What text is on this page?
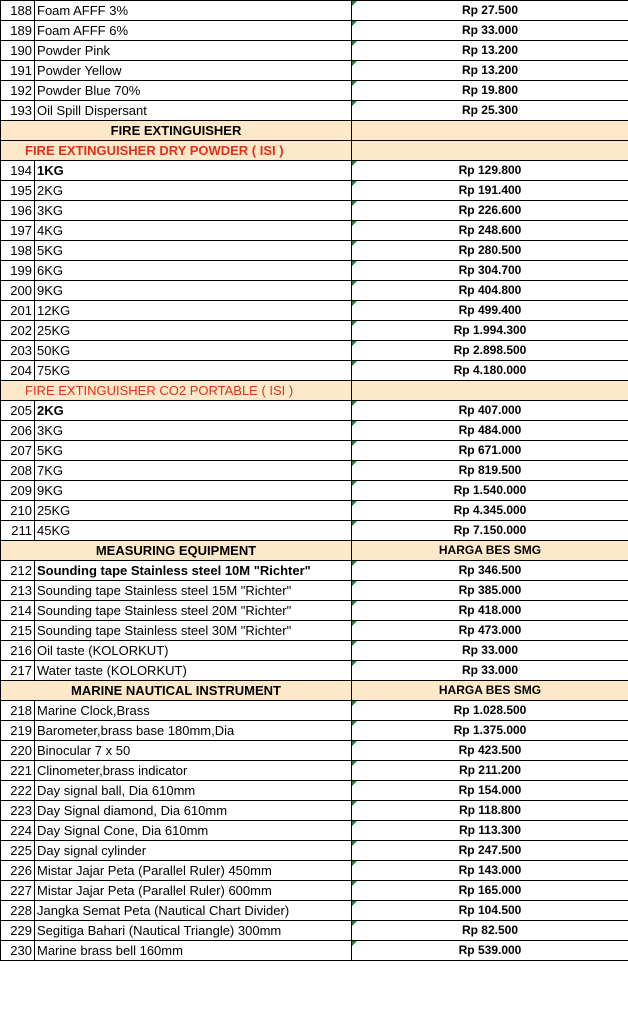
188	Foam AFFF 3%	Rp 27.500
189	Foam AFFF 6%	Rp 33.000
190	Powder Pink	Rp 13.200
191	Powder Yellow	Rp 13.200
192	Powder Blue 70%	Rp 19.800
193	Oil Spill Dispersant	Rp 25.300
FIRE EXTINGUISHER		
FIRE EXTINGUISHER DRY POWDER ( ISI )		
194	1KG	Rp 129.800
195	2KG	Rp 191.400
196	3KG	Rp 226.600
197	4KG	Rp 248.600
198	5KG	Rp 280.500
199	6KG	Rp 304.700
200	9KG	Rp 404.800
201	12KG	Rp 499.400
202	25KG	Rp 1.994.300
203	50KG	Rp 2.898.500
204	75KG	Rp 4.180.000
FIRE EXTINGUISHER CO2 PORTABLE ( ISI )		
205	2KG	Rp 407.000
206	3KG	Rp 484.000
207	5KG	Rp 671.000
208	7KG	Rp 819.500
209	9KG	Rp 1.540.000
210	25KG	Rp 4.345.000
211	45KG	Rp 7.150.000
MEASURING EQUIPMENT		HARGA BES SMG
212	Sounding tape Stainless steel 10M "Richter"	Rp 346.500
213	Sounding tape Stainless steel 15M "Richter"	Rp 385.000
214	Sounding tape Stainless steel 20M "Richter"	Rp 418.000
215	Sounding tape Stainless steel 30M "Richter"	Rp 473.000
216	Oil taste (KOLORKUT)	Rp 33.000
217	Water taste (KOLORKUT)	Rp 33.000
MARINE NAUTICAL INSTRUMENT		HARGA BES SMG
218	Marine Clock,Brass	Rp 1.028.500
219	Barometer,brass base 180mm,Dia	Rp 1.375.000
220	Binocular 7 x 50	Rp 423.500
221	Clinometer,brass indicator	Rp 211.200
222	Day signal ball, Dia 610mm	Rp 154.000
223	Day Signal diamond, Dia 610mm	Rp 118.800
224	Day Signal Cone, Dia 610mm	Rp 113.300
225	Day signal cylinder	Rp 247.500
226	Mistar Jajar Peta (Parallel Ruler) 450mm	Rp 143.000
227	Mistar Jajar Peta (Parallel Ruler) 600mm	Rp 165.000
228	Jangka Semat Peta (Nautical Chart Divider)	Rp 104.500
229	Segitiga Bahari (Nautical Triangle) 300mm	Rp 82.500
230	Marine brass bell 160mm	Rp 539.000
